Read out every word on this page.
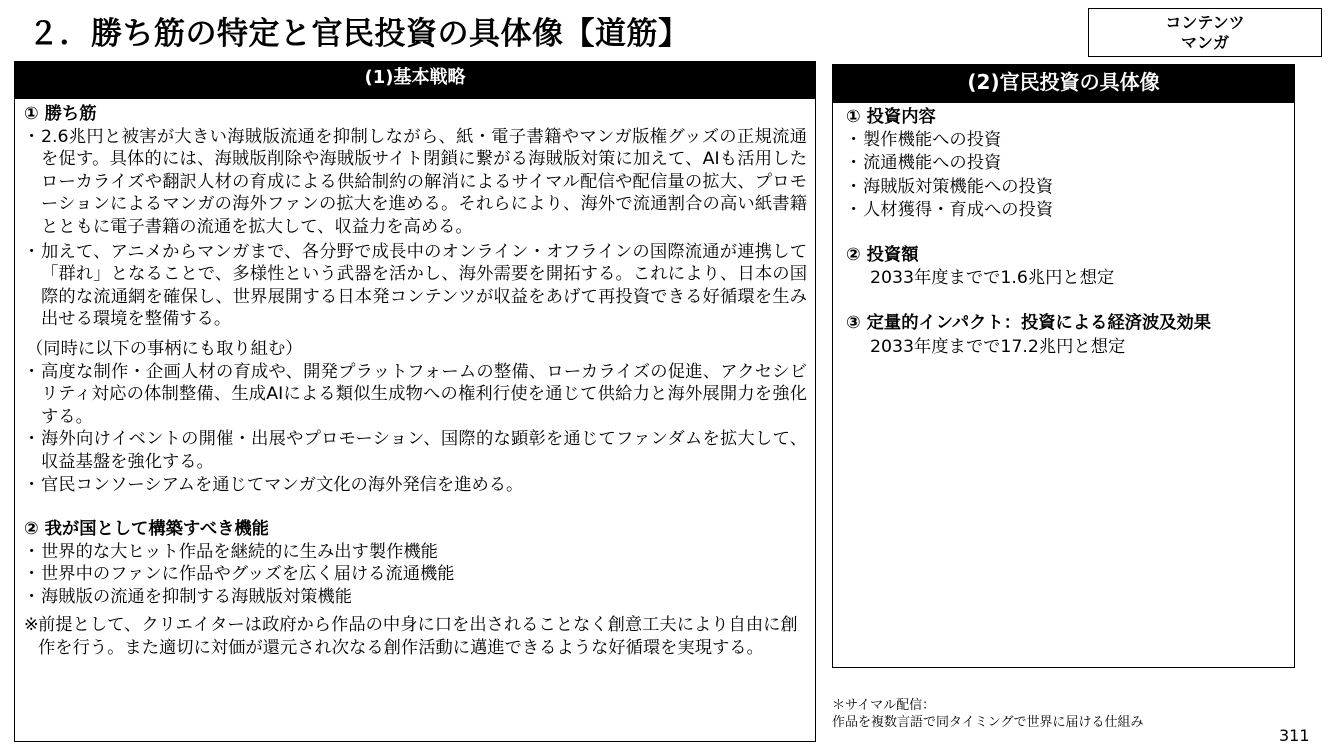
２．勝ち筋の特定と官民投資の具体像【道筋】	コンテンツ
マンガ
(1)基本戦略
① 勝ち筋
・ 2.6兆円と被害が大きい海賊版流通を抑制しながら、紙・電子書籍やマンガ版権グッズの正規流通を促す。具体的には、海賊版削除や海賊版サイト閉鎖に繋がる海賊版対策に加えて、AIも活用したローカライズや翻訳人材の育成による供給制約の解消によるサイマル配信や配信量の拡大、プロモーションによるマンガの海外ファンの拡大を進める。それらにより、海外で流通割合の高い紙書籍とともに電子書籍の流通を拡大して、収益力を高める。
・ 加えて、アニメからマンガまで、各分野で成長中のオンライン・オフラインの国際流通が連携して「群れ」となることで、多様性という武器を活かし、海外需要を開拓する。これにより、日本の国際的な流通網を確保し、世界展開する日本発コンテンツが収益をあげて再投資できる好循環を生み出せる環境を整備する。
（同時に以下の事柄にも取り組む）
・ 高度な制作・企画人材の育成や、開発プラットフォームの整備、ローカライズの促進、アクセシビリティ対応の体制整備、生成AIによる類似生成物への権利行使を通じて供給力と海外展開力を強化する。
・ 海外向けイベントの開催・出展やプロモーション、国際的な顕彰を通じてファンダムを拡大して、収益基盤を強化する。
・ 官民コンソーシアムを通じてマンガ文化の海外発信を進める。
② 我が国として構築すべき機能
・ 世界的な大ヒット作品を継続的に生み出す製作機能
・ 世界中のファンに作品やグッズを広く届ける流通機能
・ 海賊版の流通を抑制する海賊版対策機能
※ 前提として、クリエイターは政府から作品の中身に口を出されることなく創意工夫により自由に創作を行う。また適切に対価が還元され次なる創作活動に邁進できるような好循環を実現する。
(2)官民投資の具体像
① 投資内容
・ 製作機能への投資
・ 流通機能への投資
・ 海賊版対策機能への投資
・ 人材獲得・育成への投資
② 投資額
2033年度までで1.6兆円と想定
③ 定量的インパクト：投資による経済波及効果
2033年度までで17.2兆円と想定
＊サイマル配信：
作品を複数言語で同タイミングで世界に届ける仕組み
311
